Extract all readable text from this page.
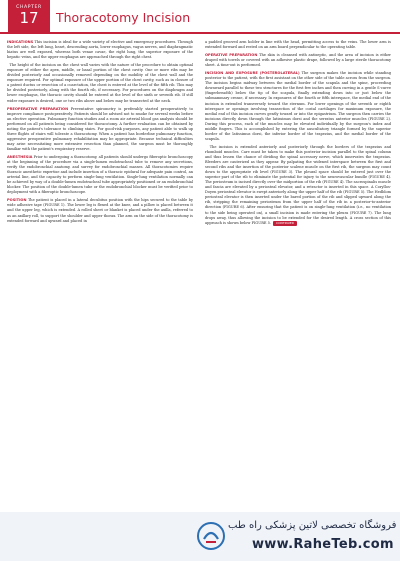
CHAPTER
17	Thoracotomy Incision

INDICATIONS This incision is ideal for a wide variety of elective and emergency procedures. Through the left side, the left lung, heart, descending aorta, lower esophagus, vagus nerves, and diaphragmatic hiatus are well exposed, whereas both venae cavae, the right lung, the superior exposure of the hepatic veins, and the upper esophagus are approached through the right chest.

The height of the incision on the chest wall varies with the nature of the procedure to obtain optimal exposure of either the apex, middle, or basal portion of the chest cavity. One or more ribs may be divided posteriorly and occasionally removed depending on the mobility of the chest wall and the exposure required. For optimal exposure of the upper portion of the chest cavity, such as in closure of a patent ductus or resection of a coarctation, the chest is entered at the level of the fifth rib. This may be divided posteriorly, along with the fourth rib, if necessary. For procedures on the diaphragm and lower esophagus, the thoracic cavity should be entered at the level of the sixth or seventh rib. If still wider exposure is desired, one or two ribs above and below may be transected at the neck.

PREOPERATIVE PREPARATION Preventative spirometry is preferably started preoperatively to improve compliance postoperatively. Patients should be advised not to smoke for several weeks before an elective operation. Pulmonary function studies and a room air arterial blood gas analysis should be performed on all patients being considered for thoracotomy. A further evaluation can be obtained by noting the patient's tolerance to climbing stairs. For good-risk purposes, any patient able to walk up three flights of stairs will tolerate a thoracotomy. When a patient has borderline pulmonary function, aggressive preoperative pulmonary rehabilitation may be appropriate. Because technical difficulties may arise necessitating more extensive resection than planned, the surgeon must be thoroughly familiar with the patient's respiratory reserve.

ANESTHESIA Prior to undergoing a thoracotomy, all patients should undergo fiberoptic bronchoscopy at the beginning of the procedure via a single-lumen endotracheal tube to remove any secretions, verify the endobronchial anatomy, and survey for endobronchial masses. All thoracotomies require thoracic anesthetic expertise and include insertion of a thoracic epidural for adequate pain control, an arterial line, and the capacity to perform single-lung ventilation. Single-lung ventilation normally can be achieved by way of a double-lumen endotracheal tube appropriately positioned or an endobronchial blocker. The position of the double-lumen tube or the endobronchial blocker must be verified prior to deployment with a fiberoptic bronchoscope.

POSITION The patient is placed in a lateral decubitus position with the hips secured to the table by wide adhesive tape (FIGURE 1). The lower leg is flexed at the knee, and a pillow is placed between it and the upper leg, which is extended. A rolled sheet or blanket is placed under the axilla, referred to as an axillary roll, to support the shoulder and upper thorax. The arm on the side of the thoracotomy is extended forward and upward and placed in

a padded grooved arm holder in line with the head, permitting access to the veins. The lower arm is extended forward and rested on an arm board perpendicular to the operating table.

OPERATIVE PREPARATION The skin is cleansed with antiseptic, and the area of incision is either draped with towels or covered with an adhesive plastic drape, followed by a large sterile thoracotomy sheet. A time-out is performed.

INCISION AND EXPOSURE (POSTEROLATERAL) The surgeon makes the incision while standing posterior to the patient, with the first assistant on the other side of the table across from the surgeon. The incision begins midway between the medial border of the scapula and the spine, proceeding downward parallel to these two structures for the first few inches and then curving in a gentle S-curve (fingerbreadth) below the tip of the scapula, finally extending down into or just below the submammary crease, if necessary. In exposures of the fourth or fifth interspace, the medial end of the incision is extended transversely toward the sternum. For lower openings of the seventh or eighth interspace or openings involving transection of the costal cartilages for maximum exposure, the medial end of this incision curves gently toward or into the epigastrium. The surgeon then carries the incisions directly down through the latissimus dorsi and the serratus anterior muscles (FIGURE 2). During this process, each of the muscles may be elevated individually by the surgeon's index and middle fingers. This is accomplished by entering the auscultatory triangle formed by the superior border of the latissimus dorsi, the inferior border of the trapezius, and the medial border of the scapula.

The incision is extended anteriorly and posteriorly through the borders of the trapezius and rhomboid muscles. Care must be taken to make this posterior incision parallel to the spinal column and thus lessen the chance of dividing the spinal accessory nerve, which innervates the trapezius. Bleeders are cauterized as they appear. By palpating the widened interspace between the first and second ribs and the insertion of the posterior scalene muscle on the first rib, the surgeon may count down to the appropriate rib level (FIGURE 3). The pleural space should be entered just over the superior part of the rib to eliminate the potential for injury to the neurovascular bundle (FIGURE 4). The periosteum is incised directly over the midportion of the rib (FIGURE 4). The sacrospinalis muscle and fascia are elevated by a periosteal elevator, and a retractor is inserted in this space. A Coryllos-Doyen periosteal elevator is swept anteriorly along the upper half of the rib (FIGURE 5). The Hedblom periosteal elevator is then inserted under the bared portion of the rib and slipped upward along the rib, stripping the remaining periosteum from the upper half of the rib in a posterior-to-anterior direction (FIGURE 6). After ensuring that the patient is on single-lung ventilation (i.e., no ventilation to the side being operated on), a small incision is made entering the pleura (FIGURE 7). The lung drops away, thus allowing the incision to be extended for the desired length. A cross section of this approach is shown below FIGURE 5. CONTINUED

فروشگاه تخصصی لاتین پزشکی راه طب
www.RaheTeb.com
